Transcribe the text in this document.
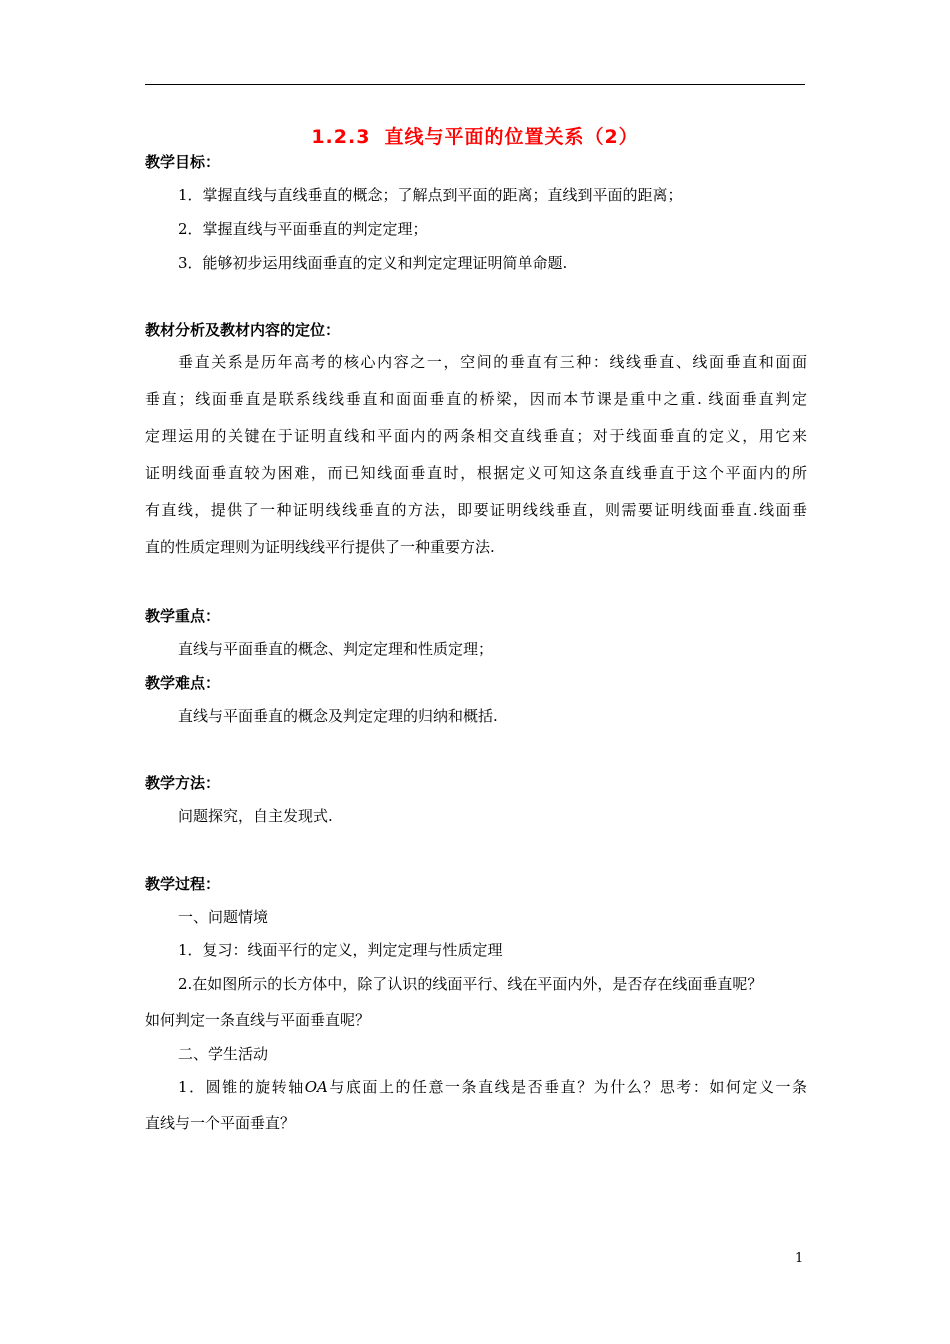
1.2.3 直线与平面的位置关系（2）
教学目标：
1．掌握直线与直线垂直的概念；了解点到平面的距离；直线到平面的距离；
2．掌握直线与平面垂直的判定定理；
3．能够初步运用线面垂直的定义和判定定理证明简单命题.
教材分析及教材内容的定位：
垂直关系是历年高考的核心内容之一，空间的垂直有三种：线线垂直、线面垂直和面面
垂直；线面垂直是联系线线垂直和面面垂直的桥梁，因而本节课是重中之重. 线面垂直判定
定理运用的关键在于证明直线和平面内的两条相交直线垂直；对于线面垂直的定义，用它来
证明线面垂直较为困难，而已知线面垂直时，根据定义可知这条直线垂直于这个平面内的所
有直线，提供了一种证明线线垂直的方法，即要证明线线垂直，则需要证明线面垂直.线面垂
直的性质定理则为证明线线平行提供了一种重要方法.
教学重点：
直线与平面垂直的概念、判定定理和性质定理；
教学难点：
直线与平面垂直的概念及判定定理的归纳和概括.
教学方法：
问题探究，自主发现式.
教学过程：
一、问题情境
1．复习：线面平行的定义，判定定理与性质定理
2.在如图所示的长方体中，除了认识的线面平行、线在平面内外，是否存在线面垂直呢？
如何判定一条直线与平面垂直呢？
二、学生活动
1．圆锥的旋转轴OA与底面上的任意一条直线是否垂直？为什么？思考：如何定义一条
直线与一个平面垂直？
1
